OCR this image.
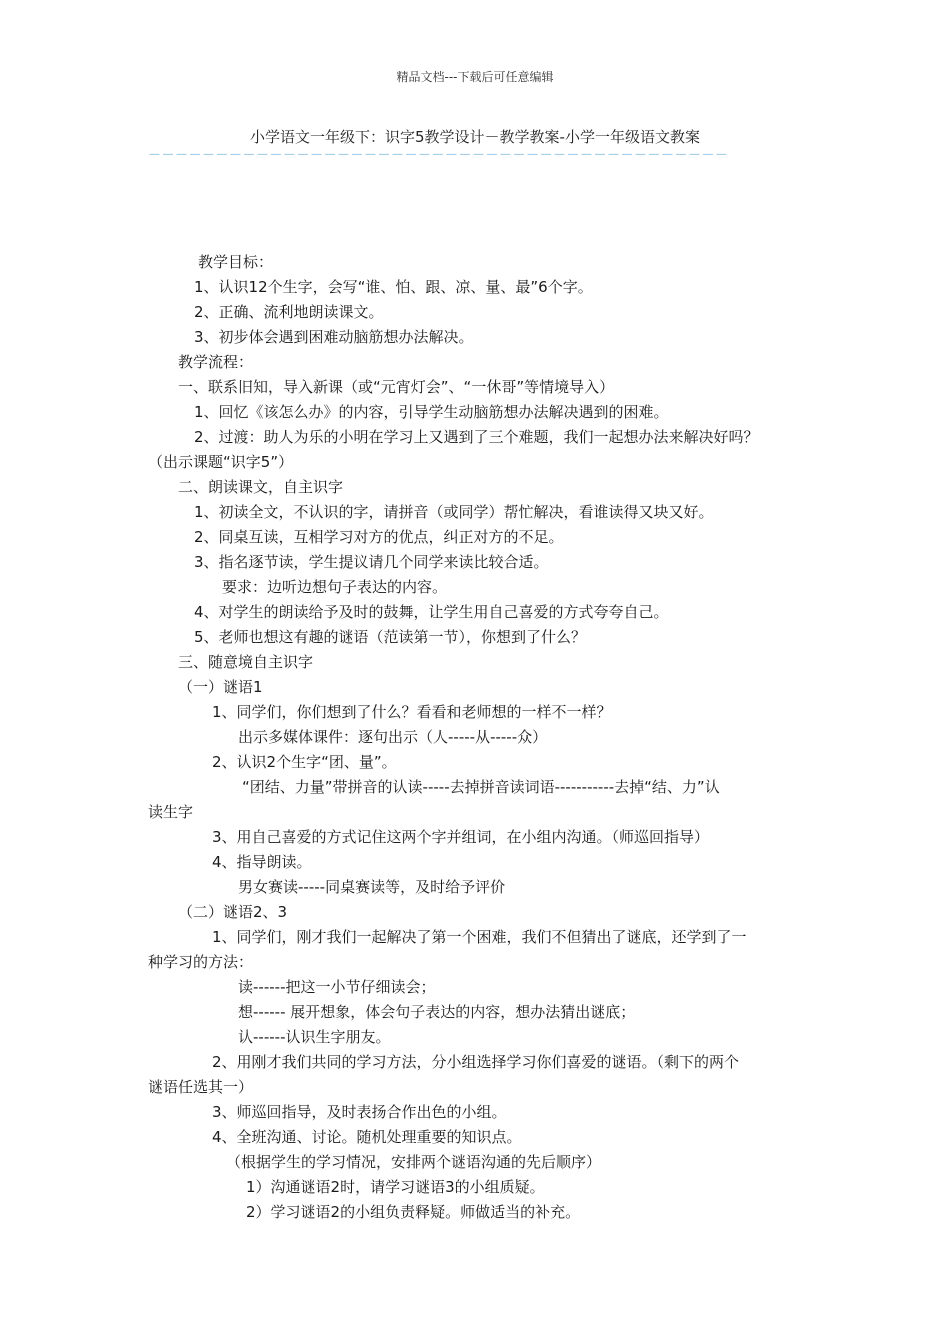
精品文档---下载后可任意编辑
小学语文一年级下：识字5教学设计－教学教案-小学一年级语文教案
－－－－－－－－－－－－－－－－－－－－－－－－－－－－－－－－－－－－－－－－－－－
教学目标：
1、认识12个生字，会写“谁、怕、跟、凉、量、最”6个字。
2、正确、流利地朗读课文。
3、初步体会遇到困难动脑筋想办法解决。
教学流程：
一、联系旧知，导入新课（或“元宵灯会”、“一休哥”等情境导入）
1、回忆《该怎么办》的内容，引导学生动脑筋想办法解决遇到的困难。
2、过渡：助人为乐的小明在学习上又遇到了三个难题，我们一起想办法来解决好吗？
（出示课题“识字5”）
二、朗读课文，自主识字
1、初读全文，不认识的字，请拼音（或同学）帮忙解决，看谁读得又块又好。
2、同桌互读，互相学习对方的优点，纠正对方的不足。
3、指名逐节读，学生提议请几个同学来读比较合适。
要求：边听边想句子表达的内容。
4、对学生的朗读给予及时的鼓舞，让学生用自己喜爱的方式夸夸自己。
5、老师也想这有趣的谜语（范读第一节），你想到了什么？
三、随意境自主识字
（一）谜语1
1、同学们，你们想到了什么？看看和老师想的一样不一样？
出示多媒体课件：逐句出示（人-----从-----众）
2、认识2个生字“团、量”。
“团结、力量”带拼音的认读-----去掉拼音读词语-----------去掉“结、力”认
读生字
3、用自己喜爱的方式记住这两个字并组词，在小组内沟通。（师巡回指导）
4、指导朗读。
男女赛读-----同桌赛读等，及时给予评价
（二）谜语2、3
1、同学们，刚才我们一起解决了第一个困难，我们不但猜出了谜底，还学到了一
种学习的方法：
读------把这一小节仔细读会；
想------ 展开想象，体会句子表达的内容，想办法猜出谜底；
认------认识生字朋友。
2、用刚才我们共同的学习方法，分小组选择学习你们喜爱的谜语。（剩下的两个
谜语任选其一）
3、师巡回指导，及时表扬合作出色的小组。
4、全班沟通、讨论。随机处理重要的知识点。
（根据学生的学习情况，安排两个谜语沟通的先后顺序）
1）沟通谜语2时，请学习谜语3的小组质疑。
2）学习谜语2的小组负责释疑。师做适当的补充。
